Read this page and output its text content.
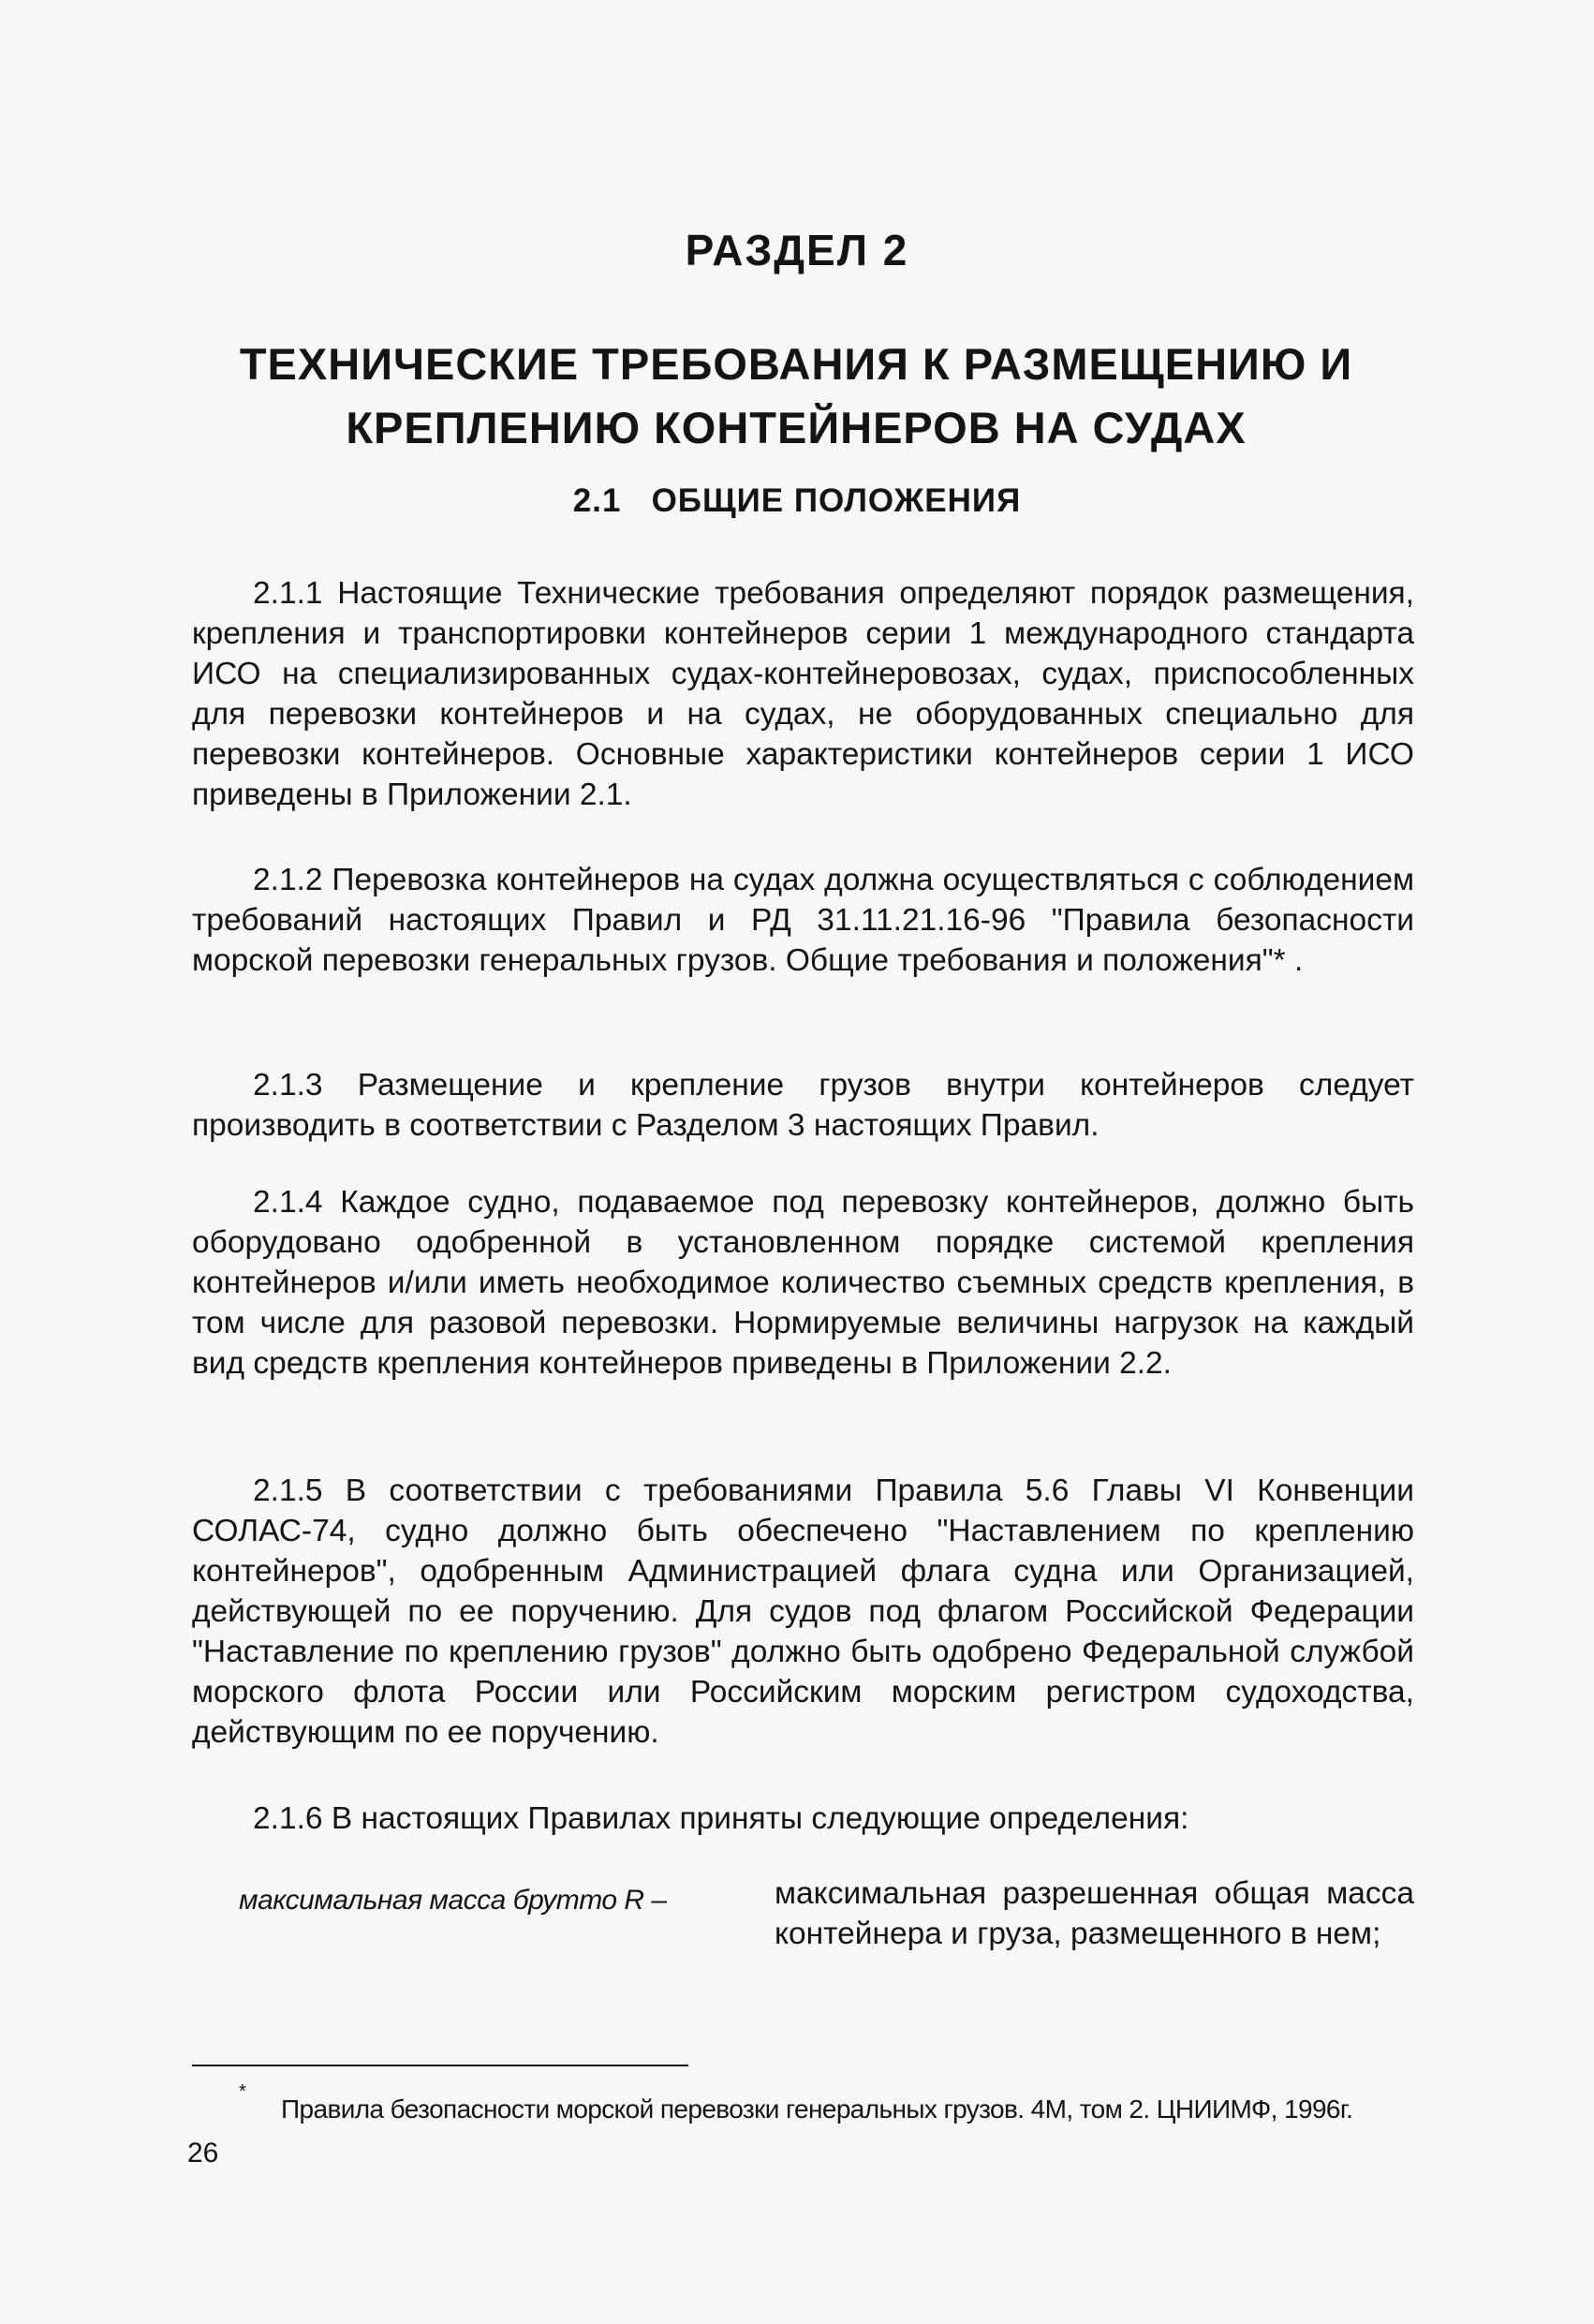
РАЗДЕЛ 2
ТЕХНИЧЕСКИЕ ТРЕБОВАНИЯ К РАЗМЕЩЕНИЮ И КРЕПЛЕНИЮ КОНТЕЙНЕРОВ НА СУДАХ
2.1   ОБЩИЕ ПОЛОЖЕНИЯ

2.1.1 Настоящие Технические требования определяют порядок размещения, крепления и транспортировки контейнеров серии 1 международного стандарта ИСО на специализированных судах-контейнеровозах, судах, приспособленных для перевозки контейнеров и на судах, не оборудованных специально для перевозки контейнеров. Основные характеристики контейнеров серии 1 ИСО приведены в Приложении 2.1.

2.1.2 Перевозка контейнеров на судах должна осуществляться с соблюдением требований настоящих Правил и РД 31.11.21.16-96 "Правила безопасности морской перевозки генеральных грузов. Общие требования и положения"* .

2.1.3 Размещение и крепление грузов внутри контейнеров следует производить в соответствии с Разделом 3 настоящих Правил.

2.1.4 Каждое судно, подаваемое под перевозку контейнеров, должно быть оборудовано одобренной в установленном порядке системой крепления контейнеров и/или иметь необходимое количество съемных средств крепления, в том числе для разовой перевозки. Нормируемые величины нагрузок на каждый вид средств крепления контейнеров приведены в Приложении 2.2.

2.1.5 В соответствии с требованиями Правила 5.6 Главы VI Конвенции СОЛАС-74, судно должно быть обеспечено "Наставлением по креплению контейнеров", одобренным Администрацией флага судна или Организацией, действующей по ее поручению. Для судов под флагом Российской Федерации "Наставление по креплению грузов" должно быть одобрено Федеральной службой морского флота России или Российским морским регистром судоходства, действующим по ее поручению.

2.1.6 В настоящих Правилах приняты следующие определения:

максимальная масса брутто R –	максимальная разрешенная общая масса контейнера и груза, размещенного в нем;

*
Правила безопасности морской перевозки генеральных грузов. 4М, том 2. ЦНИИМФ, 1996г.
26
